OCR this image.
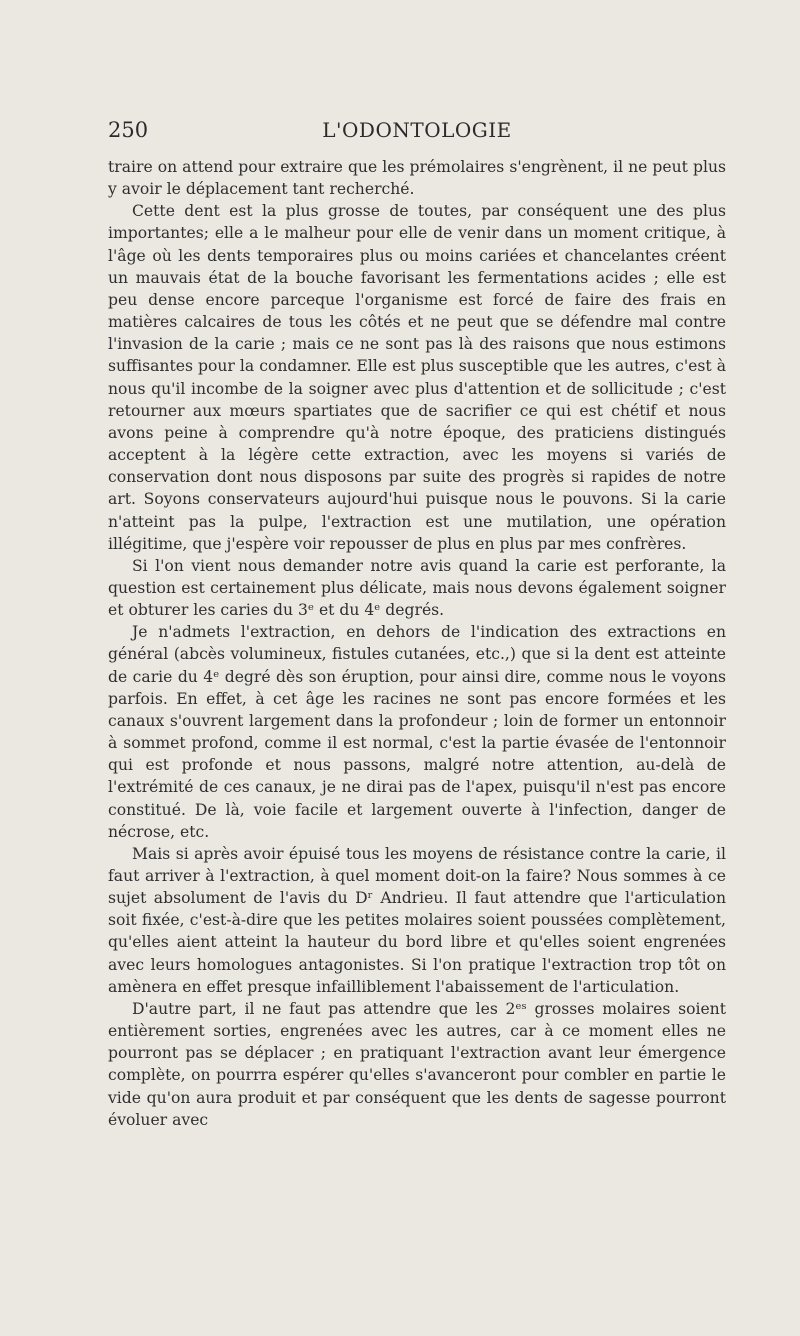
250	L'ODONTOLOGIE

traire on attend pour extraire que les prémolaires s'engrènent, il ne peut plus y avoir le déplacement tant recherché.

Cette dent est la plus grosse de toutes, par conséquent une des plus importantes; elle a le malheur pour elle de venir dans un moment critique, à l'âge où les dents temporaires plus ou moins cariées et chancelantes créent un mauvais état de la bouche favorisant les fermentations acides ; elle est peu dense encore parceque l'organisme est forcé de faire des frais en matières calcaires de tous les côtés et ne peut que se défendre mal contre l'invasion de la carie ; mais ce ne sont pas là des raisons que nous estimons suffisantes pour la condamner. Elle est plus susceptible que les autres, c'est à nous qu'il incombe de la soigner avec plus d'attention et de sollicitude ; c'est retourner aux mœurs spartiates que de sacrifier ce qui est chétif et nous avons peine à comprendre qu'à notre époque, des praticiens distingués acceptent à la légère cette extraction, avec les moyens si variés de conservation dont nous disposons par suite des progrès si rapides de notre art. Soyons conservateurs aujourd'hui puisque nous le pouvons. Si la carie n'atteint pas la pulpe, l'extraction est une mutilation, une opération illégitime, que j'espère voir repousser de plus en plus par mes confrères.

Si l'on vient nous demander notre avis quand la carie est perforante, la question est certainement plus délicate, mais nous devons également soigner et obturer les caries du 3ᵉ et du 4ᵉ degrés.

Je n'admets l'extraction, en dehors de l'indication des extractions en général (abcès volumineux, fistules cutanées, etc.,) que si la dent est atteinte de carie du 4ᵉ degré dès son éruption, pour ainsi dire, comme nous le voyons parfois. En effet, à cet âge les racines ne sont pas encore formées et les canaux s'ouvrent largement dans la profondeur ; loin de former un entonnoir à sommet profond, comme il est normal, c'est la partie évasée de l'entonnoir qui est profonde et nous passons, malgré notre attention, au-delà de l'extrémité de ces canaux, je ne dirai pas de l'apex, puisqu'il n'est pas encore constitué. De là, voie facile et largement ouverte à l'infection, danger de nécrose, etc.

Mais si après avoir épuisé tous les moyens de résistance contre la carie, il faut arriver à l'extraction, à quel moment doit-on la faire? Nous sommes à ce sujet absolument de l'avis du Dʳ Andrieu. Il faut attendre que l'articulation soit fixée, c'est-à-dire que les petites molaires soient poussées complètement, qu'elles aient atteint la hauteur du bord libre et qu'elles soient engrenées avec leurs homologues antagonistes. Si l'on pratique l'extraction trop tôt on amènera en effet presque infailliblement l'abaissement de l'articulation.

D'autre part, il ne faut pas attendre que les 2ᵉˢ grosses molaires soient entièrement sorties, engrenées avec les autres, car à ce moment elles ne pourront pas se déplacer ; en pratiquant l'extraction avant leur émergence complète, on pourrra espérer qu'elles s'avanceront pour combler en partie le vide qu'on aura produit et par conséquent que les dents de sagesse pourront évoluer avec
